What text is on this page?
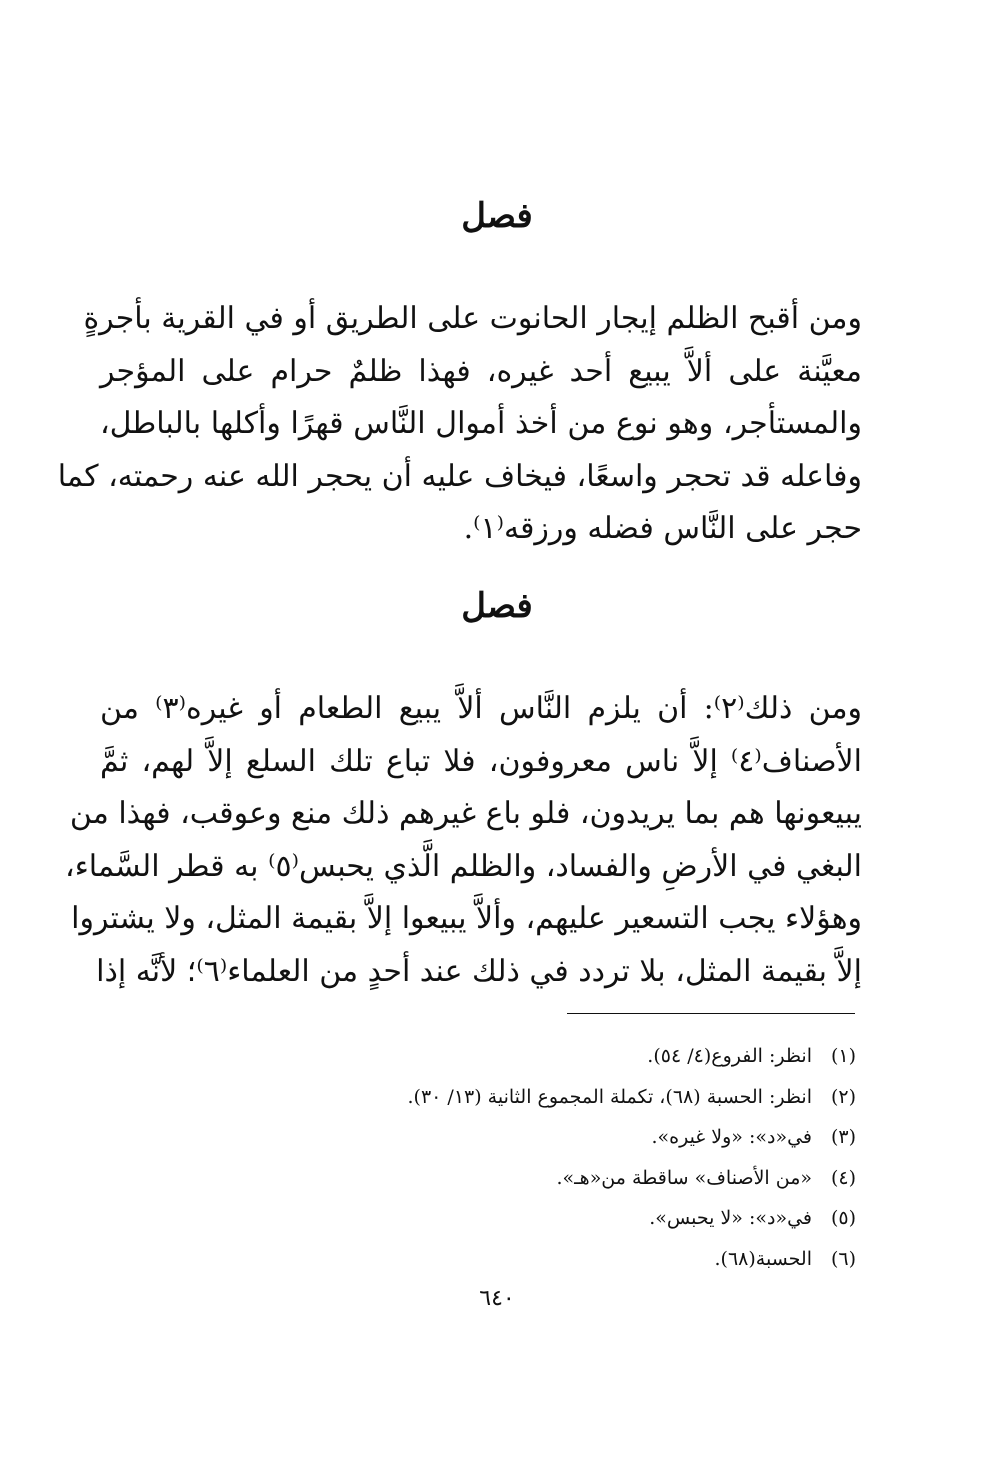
فصل
ومن أقبح الظلم إيجار الحانوت على الطريق أو في القرية بأجرةٍ
معيَّنة على ألاَّ يبيع أحد غيره، فهذا ظلمٌ حرام على المؤجر
والمستأجر، وهو نوع من أخذ أموال النَّاس قهرًا وأكلها بالباطل،
وفاعله قد تحجر واسعًا، فيخاف عليه أن يحجر الله عنه رحمته، كما
حجر على النَّاس فضله ورزقه⁽١⁾.
فصل
ومن ذلك⁽٢⁾: أن يلزم النَّاس ألاَّ يبيع الطعام أو غيره⁽٣⁾ من
الأصناف⁽٤⁾ إلاَّ ناس معروفون، فلا تباع تلك السلع إلاَّ لهم، ثمَّ
يبيعونها هم بما يريدون، فلو باع غيرهم ذلك منع وعوقب، فهذا من
البغي في الأرضِ والفساد، والظلم الَّذي يحبس⁽٥⁾ به قطر السَّماء،
وهؤلاء يجب التسعير عليهم، وألاَّ يبيعوا إلاَّ بقيمة المثل، ولا يشتروا
إلاَّ بقيمة المثل، بلا تردد في ذلك عند أحدٍ من العلماء⁽٦⁾؛ لأنَّه إذا
(١)
انظر: الفروع(٤/ ٥٤).
(٢)
انظر: الحسبة (٦٨)، تكملة المجموع الثانية (١٣/ ٣٠).
(٣)
في«د»: «ولا غيره».
(٤)
«من الأصناف» ساقطة من«هـ».
(٥)
في«د»: «لا يحبس».
(٦)
الحسبة(٦٨).
٦٤٠
